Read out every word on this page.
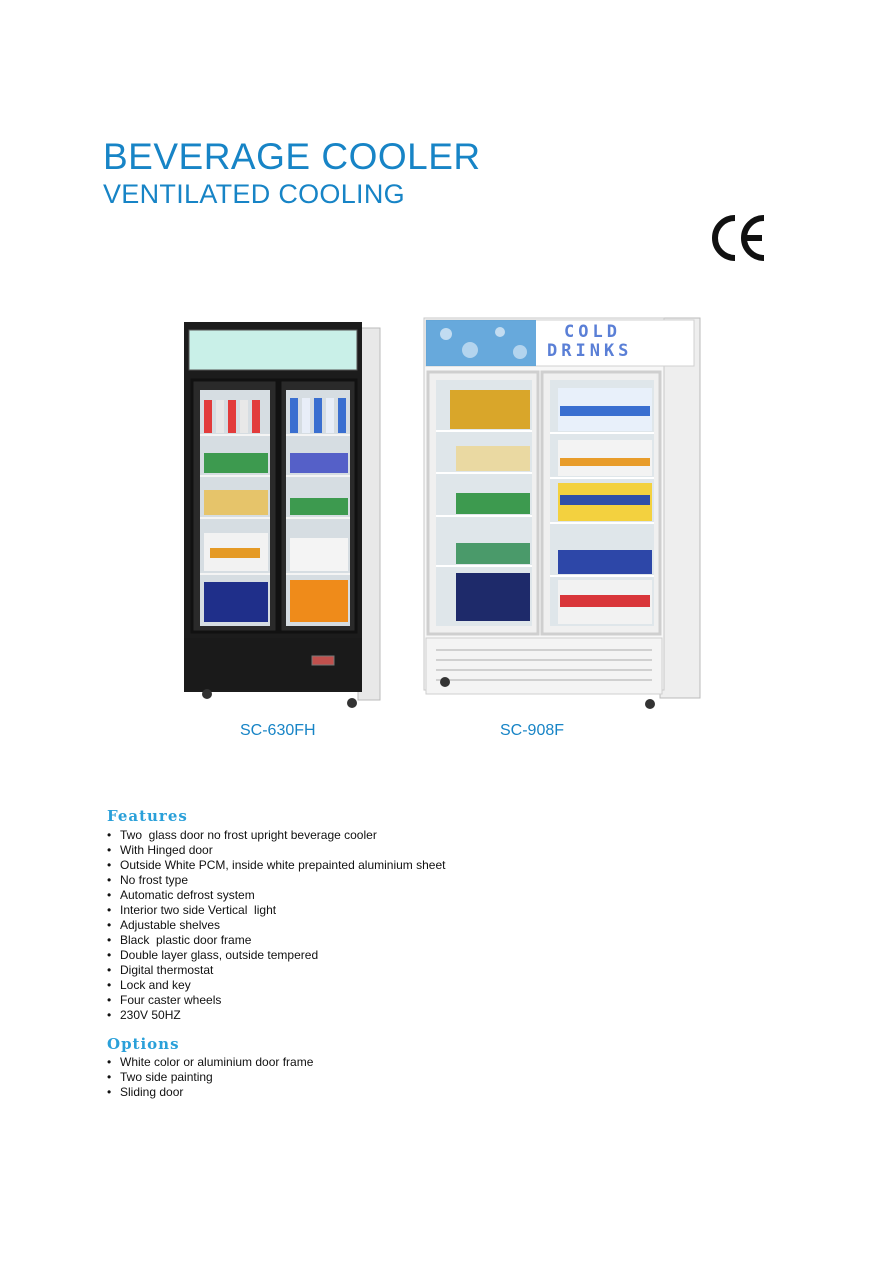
BEVERAGE COOLER
VENTILATED COOLING
COLD
DRINKS
SC-630FH	SC-908F
Features
• Two  glass door no frost upright beverage cooler
• With Hinged door
• Outside White PCM, inside white prepainted aluminium sheet
• No frost type
• Automatic defrost system
• Interior two side Vertical  light
• Adjustable shelves
• Black  plastic door frame
• Double layer glass, outside tempered
• Digital thermostat
• Lock and key
• Four caster wheels
• 230V 50HZ
Options
• White color or aluminium door frame
• Two side painting
• Sliding door
